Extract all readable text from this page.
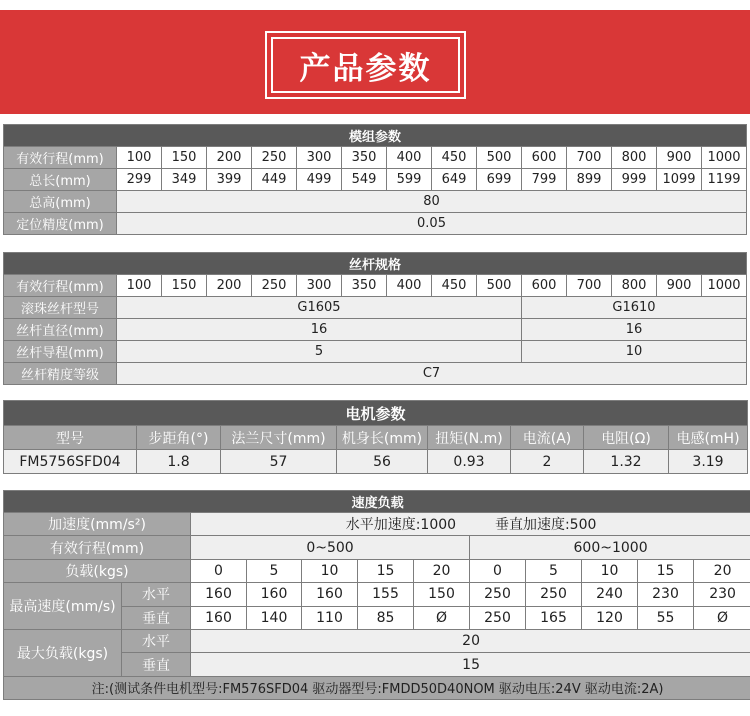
产品参数
模组参数														
有效行程(mm)	100	150	200	250	300	350	400	450	500	600	700	800	900	1000
总长(mm)	299	349	399	449	499	549	599	649	699	799	899	999	1099	1199
总高(mm)	80													
定位精度(mm)	0.05													
丝杆规格														
有效行程(mm)	100	150	200	250	300	350	400	450	500	600	700	800	900	1000
滚珠丝杆型号	G1605									G1610				
丝杆直径(mm)	16									16				
丝杆导程(mm)	5									10				
丝杆精度等级	C7													
电机参数							
型号	步距角(°)	法兰尺寸(mm)	机身长(mm)	扭矩(N.m)	电流(A)	电阻(Ω)	电感(mH)
FM5756SFD04	1.8	57	56	0.93	2	1.32	3.19
速度负载											
加速度(mm/s²)		水平加速度:1000 垂直加速度:500									
有效行程(mm)		0~500					600~1000				
负载(kgs)		0	5	10	15	20	0	5	10	15	20
最高速度(mm/s)	水平	160	160	160	155	150	250	250	240	230	230
	垂直	160	140	110	85	Ø	250	165	120	55	Ø
最大负载(kgs)	水平	20									
	垂直	15									
注:(测试条件电机型号:FM576SFD04 驱动器型号:FMDD50D40NOM 驱动电压:24V 驱动电流:2A)											
